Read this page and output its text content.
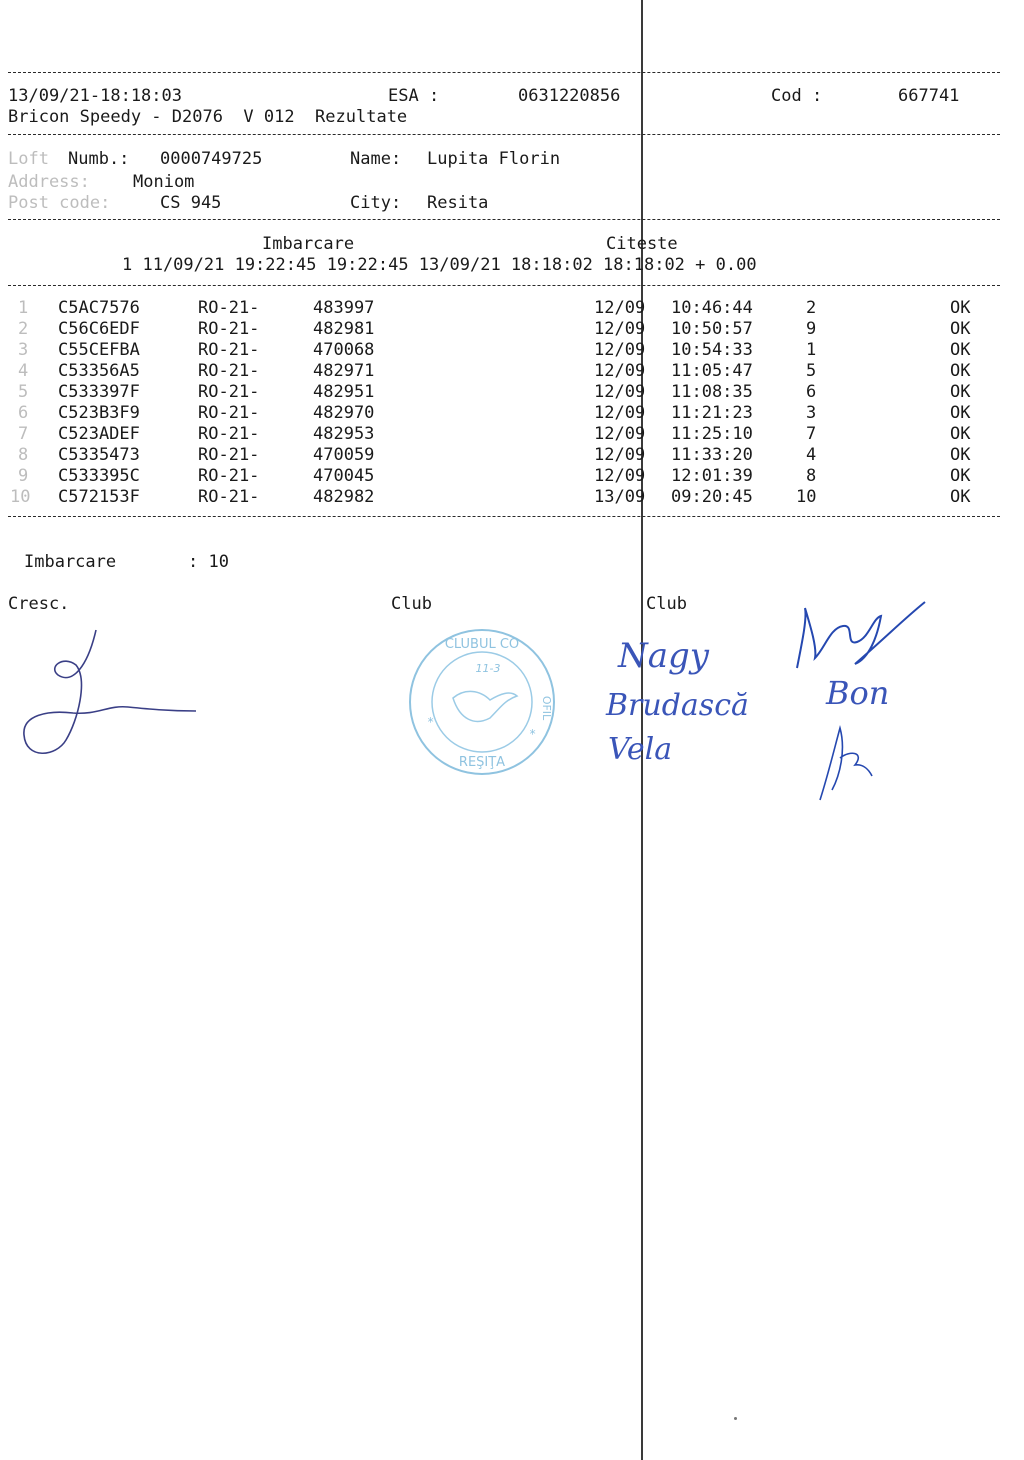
13/09/21-18:18:03	ESA :	0631220856	Cod :	667741
Bricon Speedy - D2076  V 012  Rezultate
Loft Numb.: 0000749725	Name: Lupita Florin
Address:	Moniom
Post code:	CS 945	City: Resita
Imbarcare	Citeste
1 11/09/21 19:22:45 19:22:45 13/09/21 18:18:02 18:18:02 + 0.00
1 C5AC7576	RO-21-	483997	12/09 10:46:44	2	OK
2 C56C6EDF	RO-21-	482981	12/09 10:50:57	9	OK
3 C55CEFBA	RO-21-	470068	12/09 10:54:33	1	OK
4 C53356A5	RO-21-	482971	12/09 11:05:47	5	OK
5 C533397F	RO-21-	482951	12/09 11:08:35	6	OK
6 C523B3F9	RO-21-	482970	12/09 11:21:23	3	OK
7 C523ADEF	RO-21-	482953	12/09 11:25:10	7	OK
8 C5335473	RO-21-	470059	12/09 11:33:20	4	OK
9 C533395C	RO-21-	470045	12/09 12:01:39	8	OK
10 C572153F	RO-21-	482982	13/09 09:20:45	10	OK
Imbarcare	: 10
Cresc.	Club	Club
CLUBUL CO
11-3
OFIL
REŞIŢA
*
*
Nagy
Brudască
Vela
Bon
